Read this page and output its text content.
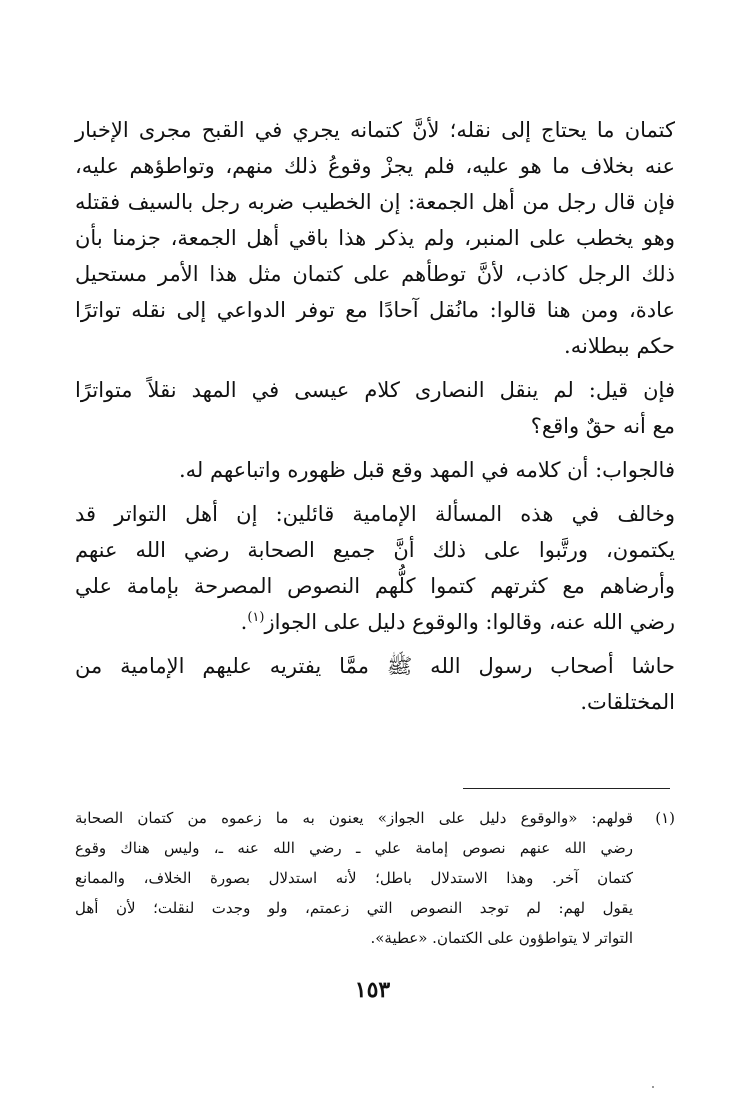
كتمان ما يحتاج إلى نقله؛ لأنَّ كتمانه يجري في القبح مجرى الإخبار
عنه بخلاف ما هو عليه، فلم يجزْ وقوعُ ذلك منهم، وتواطؤهم عليه،
فإن قال رجل من أهل الجمعة: إن الخطيب ضربه رجل بالسيف فقتله
وهو يخطب على المنبر، ولم يذكر هذا باقي أهل الجمعة، جزمنا بأن
ذلك الرجل كاذب، لأنَّ توطأهم على كتمان مثل هذا الأمر مستحيل
عادة، ومن هنا قالوا: مانُقل آحادًا مع توفر الدواعي إلى نقله تواترًا
حكم ببطلانه.

فإن قيل: لم ينقل النصارى كلام عيسى في المهد نقلاً متواترًا
مع أنه حقٌ واقع؟

فالجواب: أن كلامه في المهد وقع قبل ظهوره واتباعهم له.

وخالف في هذه المسألة الإمامية قائلين: إن أهل التواتر قد
يكتمون، ورتَّبوا على ذلك أنَّ جميع الصحابة رضي الله عنهم
وأرضاهم مع كثرتهم كتموا كلُّهم النصوص المصرحة بإمامة علي
رضي الله عنه، وقالوا: والوقوع دليل على الجواز$^{(١)}$.

حاشا أصحاب رسول الله ﷺ ممَّا يفتريه عليهم الإمامية من
المختلقات.

(١)
قولهم: «والوقوع دليل على الجواز» يعنون به ما زعموه من كتمان الصحابة
رضي الله عنهم نصوص إمامة علي ـ رضي الله عنه ـ، وليس هناك وقوع
كتمان آخر. وهذا الاستدلال باطل؛ لأنه استدلال بصورة الخلاف، والممانع
يقول لهم: لم توجد النصوص التي زعمتم، ولو وجدت لنقلت؛ لأن أهل
التواتر لا يتواطؤون على الكتمان. «عطية».
١٥٣
